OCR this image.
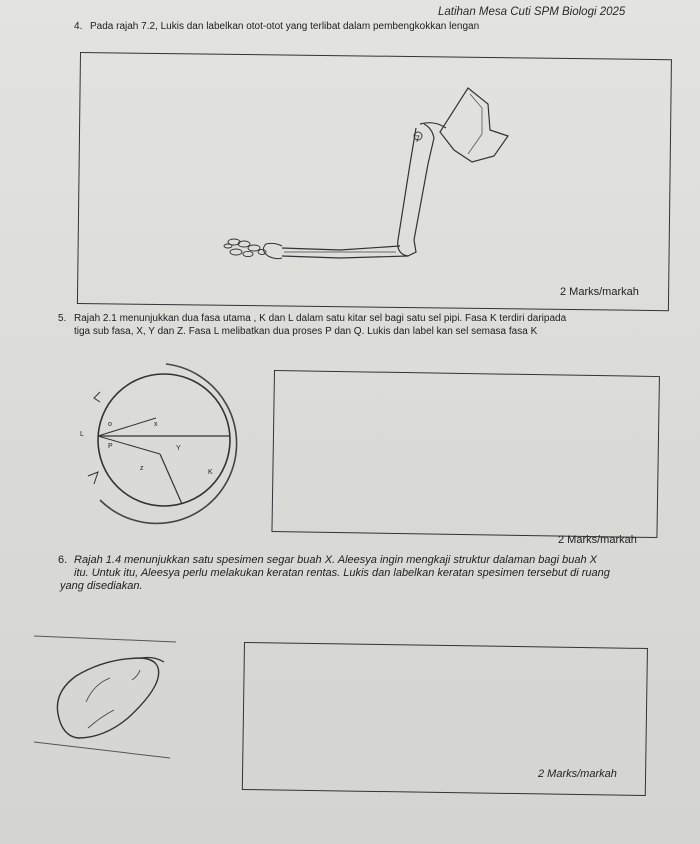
Latihan Mesa Cuti SPM Biologi 2025
4. Pada rajah 7.2, Lukis dan labelkan otot-otot yang terlibat dalam pembengkokkan lengan
7
2 Marks/markah
5. Rajah 2.1 menunjukkan dua fasa utama , K dan L dalam satu kitar sel bagi satu sel pipi. Fasa K terdiri daripada
tiga sub fasa, X, Y dan Z. Fasa L melibatkan dua proses P dan Q. Lukis dan label kan sel semasa fasa K
o	x
L
P	Y
z
K
2 Marks/markah
6. Rajah 1.4 menunjukkan satu spesimen segar buah X. Aleesya ingin mengkaji struktur dalaman bagi buah X
itu. Untuk itu, Aleesya perlu melakukan keratan rentas. Lukis dan labelkan keratan spesimen tersebut di ruang
yang disediakan.
2 Marks/markah
